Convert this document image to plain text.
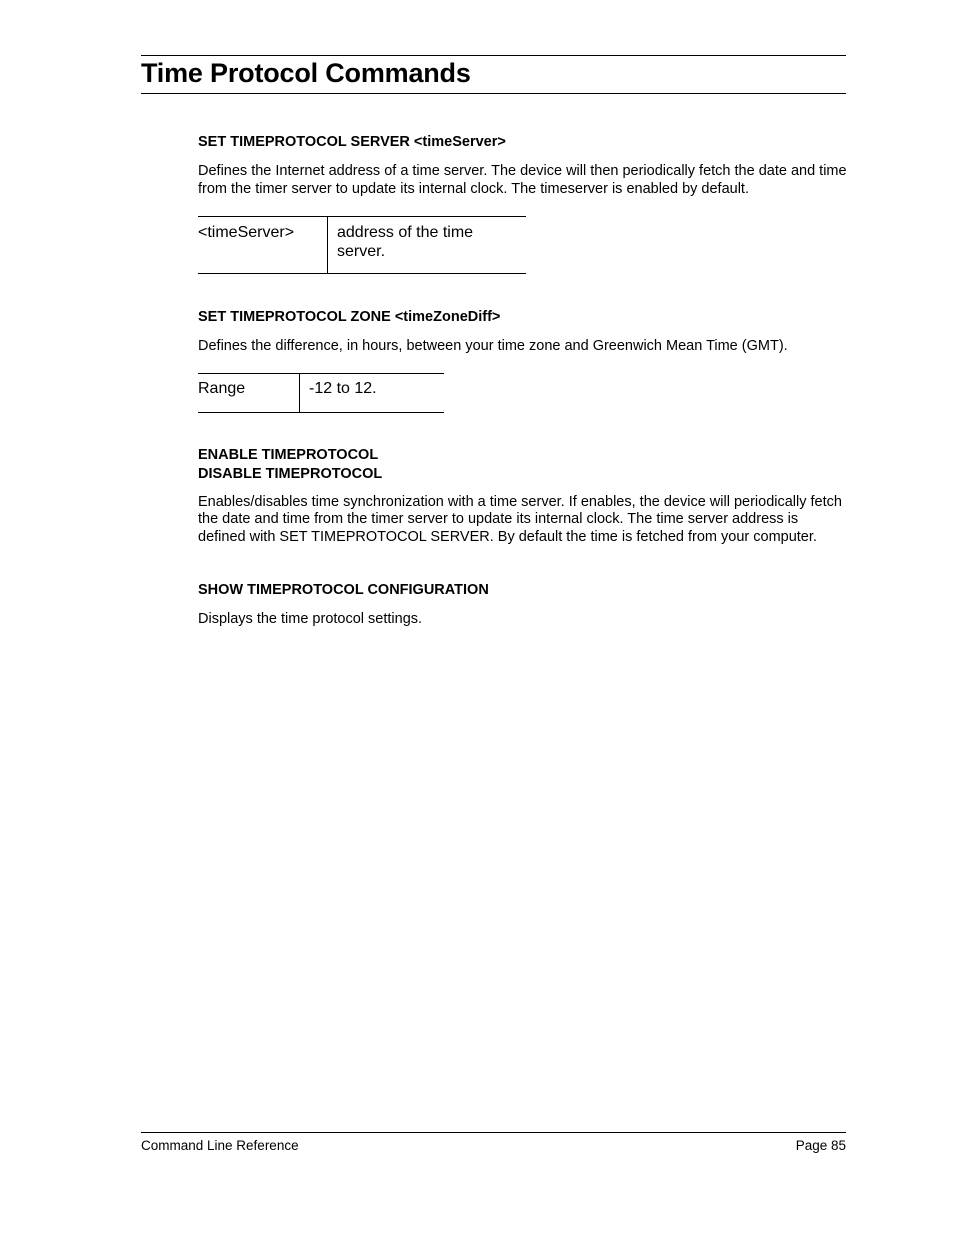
Time Protocol Commands
SET TIMEPROTOCOL SERVER <timeServer>

Defines the Internet address of a time server. The device will then periodically fetch the date and time from the timer server to update its internal clock. The timeserver is enabled by default.

<timeServer>	address of the time server.
SET TIMEPROTOCOL ZONE <timeZoneDiff>

Defines the difference, in hours, between your time zone and Greenwich Mean Time (GMT).

Range	-12 to 12.
ENABLE TIMEPROTOCOL
DISABLE TIMEPROTOCOL

Enables/disables time synchronization with a time server. If enables, the device will periodically fetch the date and time from the timer server to update its internal clock. The time server address is defined with SET TIMEPROTOCOL SERVER. By default the time is fetched from your computer.

SHOW TIMEPROTOCOL CONFIGURATION

Displays the time protocol settings.

Command Line Reference	Page 85
